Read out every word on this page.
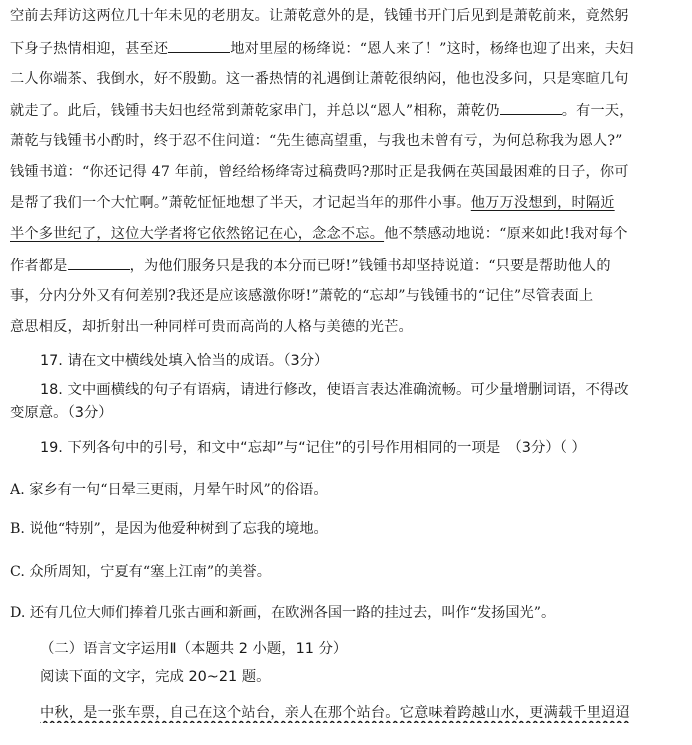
空前去拜访这两位几十年未见的老朋友。让萧乾意外的是，钱锺书开门后见到是萧乾前来，竟然躬
下身子热情相迎，甚至还	地对里屋的杨绛说：“恩人来了！”这时，杨绛也迎了出来，夫妇
二人你端茶、我倒水，好不殷勤。这一番热情的礼遇倒让萧乾很纳闷，他也没多问，只是寒暄几句
就走了。此后，钱锺书夫妇也经常到萧乾家串门，并总以“恩人”相称，萧乾仍	。有一天，
萧乾与钱锺书小酌时，终于忍不住问道：“先生德高望重，与我也未曾有亏，为何总称我为恩人?”
钱锺书道：“你还记得 47 年前，曾经给杨绛寄过稿费吗?那时正是我俩在英国最困难的日子，你可
是帮了我们一个大忙啊。”萧乾怔怔地想了半天，才记起当年的那件小事。他万万没想到，时隔近
半个多世纪了，这位大学者将它依然铭记在心，念念不忘。他不禁感动地说：“原来如此!我对每个
作者都是	，为他们服务只是我的本分而已呀!”钱锺书却坚持说道：“只要是帮助他人的
事，分内分外又有何差别?我还是应该感激你呀!”萧乾的“忘却”与钱锺书的“记住”尽管表面上
意思相反，却折射出一种同样可贵而高尚的人格与美德的光芒。
17. 请在文中横线处填入恰当的成语。（3分）
18. 文中画横线的句子有语病，请进行修改，使语言表达准确流畅。可少量增删词语，不得改
变原意。（3分）
19. 下列各句中的引号，和文中“忘却”与“记住”的引号作用相同的一项是　（3分）（ ）
A. 家乡有一句“日晕三更雨，月晕午时风”的俗语。
B. 说他“特别”，是因为他爱种树到了忘我的境地。
C. 众所周知，宁夏有“塞上江南”的美誉。
D. 还有几位大师们捧着几张古画和新画，在欧洲各国一路的挂过去，叫作“发扬国光”。
（二）语言文字运用Ⅱ（本题共 2 小题，11 分）
阅读下面的文字，完成 20~21 题。
中秋，是一张车票，自己在这个站台，亲人在那个站台。它意味着跨越山水，更满载千里迢迢
